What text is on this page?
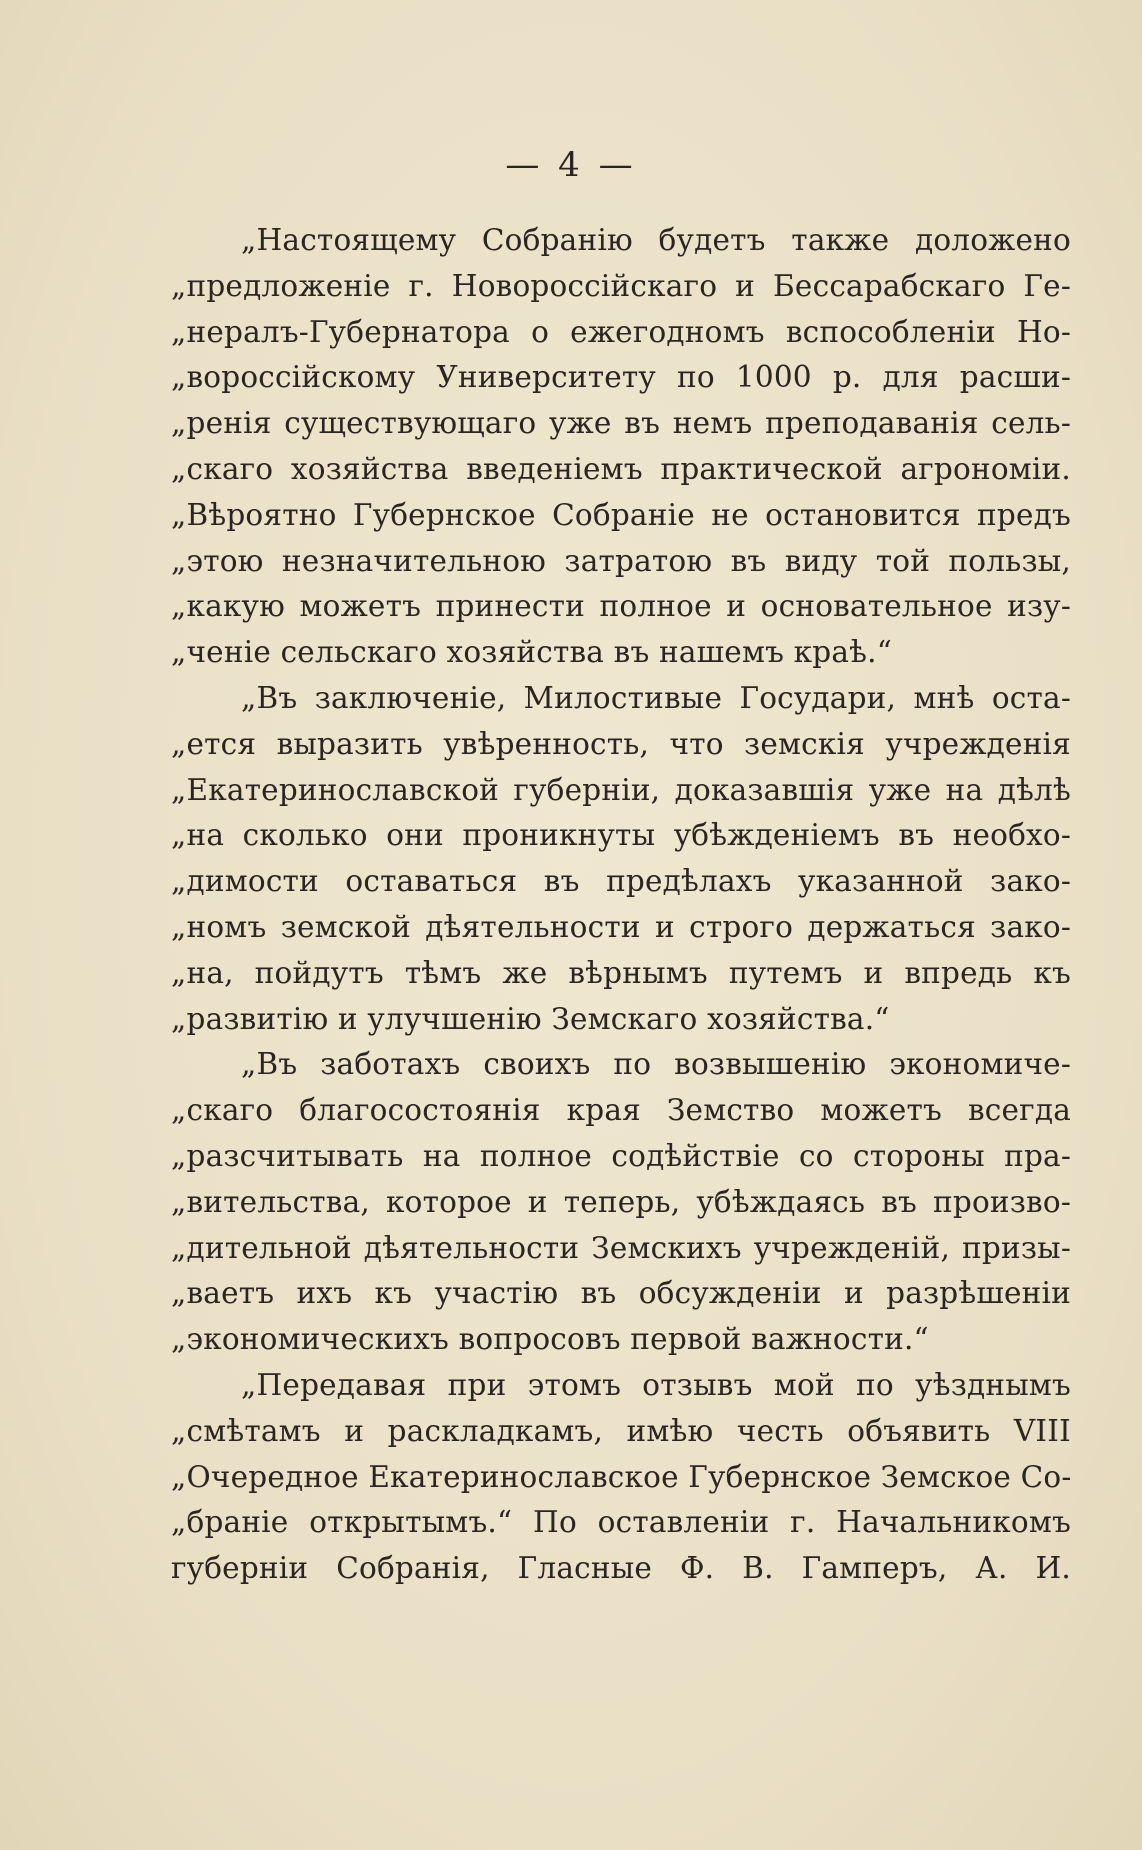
— 4 —
„Настоящему Собранію будетъ также доложено
„предложеніе г. Новороссійскаго и Бессарабскаго Ге-
„нералъ-Губернатора о ежегодномъ вспособленіи Но-
„вороссійскому Университету по 1000 р. для расши-
„ренія существующаго уже въ немъ преподаванія сель-
„скаго хозяйства введеніемъ практической агрономіи.
„Вѣроятно Губернское Собраніе не остановится предъ
„этою незначительною затратою въ виду той пользы,
„какую можетъ принести полное и основательное изу-
„ченіе сельскаго хозяйства въ нашемъ краѣ.“
„Въ заключеніе, Милостивые Государи, мнѣ оста-
„ется выразить увѣренность, что земскія учрежденія
„Екатеринославской губерніи, доказавшія уже на дѣлѣ
„на сколько они проникнуты убѣжденіемъ въ необхо-
„димости оставаться въ предѣлахъ указанной зако-
„номъ земской дѣятельности и строго держаться зако-
„на, пойдутъ тѣмъ же вѣрнымъ путемъ и впредь къ
„развитію и улучшенію Земскаго хозяйства.“
„Въ заботахъ своихъ по возвышенію экономиче-
„скаго благосостоянія края Земство можетъ всегда
„разсчитывать на полное содѣйствіе со стороны пра-
„вительства, которое и теперь, убѣждаясь въ произво-
„дительной дѣятельности Земскихъ учрежденій, призы-
„ваетъ ихъ къ участію въ обсужденіи и разрѣшеніи
„экономическихъ вопросовъ первой важности.“
„Передавая при этомъ отзывъ мой по уѣзднымъ
„смѣтамъ и раскладкамъ, имѣю честь объявить VIII
„Очередное Екатеринославское Губернское Земское Со-
„браніе открытымъ.“ По оставленіи г. Начальникомъ
губерніи Собранія, Гласные Ф. В. Гамперъ, А. И.
